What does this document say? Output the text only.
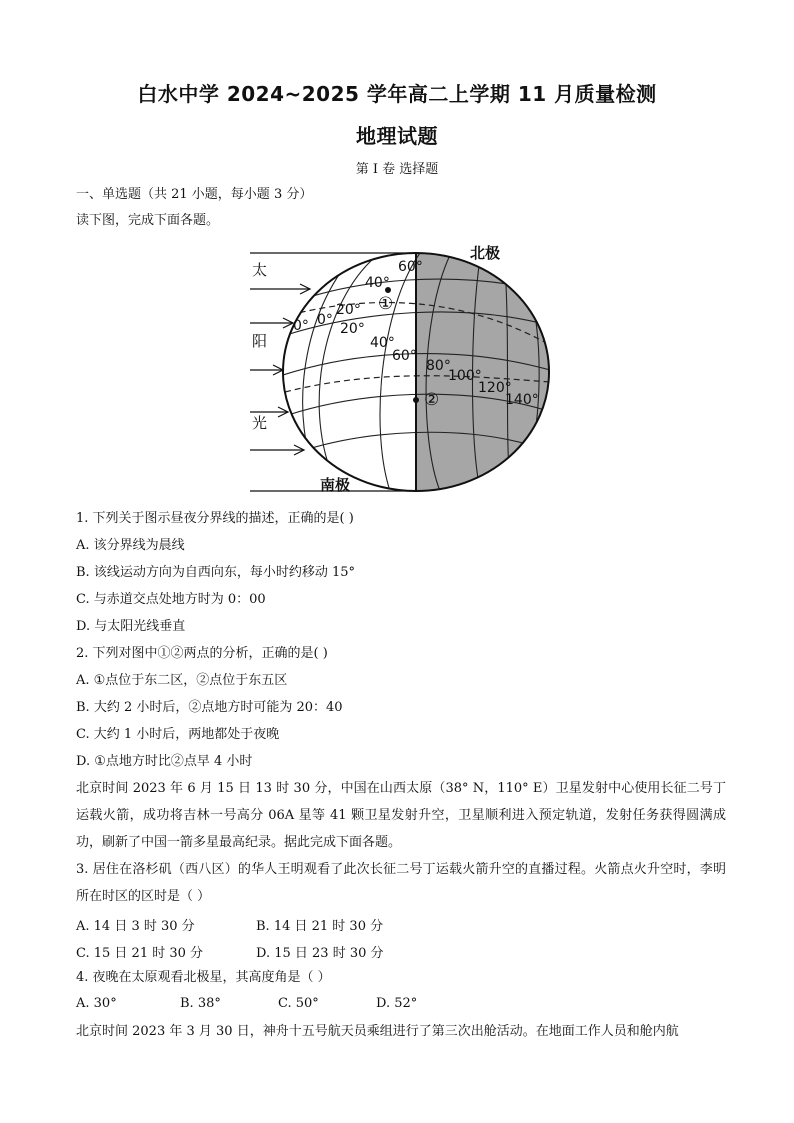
白水中学 2024~2025 学年高二上学期 11 月质量检测
地理试题
第 I 卷 选择题
一、单选题（共 21 小题，每小题 3 分）
读下图，完成下面各题。
太
阳
光
北极
南极
60°
40°
20°
0° 0°
20°
40°
60°
80°
100°
120°
140°
①
②
1. 下列关于图示昼夜分界线的描述，正确的是( )
A. 该分界线为晨线
B. 该线运动方向为自西向东，每小时约移动 15°
C. 与赤道交点处地方时为 0：00
D. 与太阳光线垂直
2. 下列对图中①②两点的分析，正确的是( )
A. ①点位于东二区，②点位于东五区
B. 大约 2 小时后，②点地方时可能为 20：40
C. 大约 1 小时后，两地都处于夜晚
D. ①点地方时比②点早 4 小时
北京时间 2023 年 6 月 15 日 13 时 30 分，中国在山西太原（38° N，110° E）卫星发射中心使用长征二号丁运载火箭，成功将吉林一号高分 06A 星等 41 颗卫星发射升空，卫星顺利进入预定轨道，发射任务获得圆满成功，刷新了中国一箭多星最高纪录。据此完成下面各题。
3. 居住在洛杉矶（西八区）的华人王明观看了此次长征二号丁运载火箭升空的直播过程。火箭点火升空时，李明所在时区的区时是（ ）
A. 14 日 3 时 30 分	B. 14 日 21 时 30 分
C. 15 日 21 时 30 分	D. 15 日 23 时 30 分
4. 夜晚在太原观看北极星，其高度角是（ ）
A. 30°	B. 38°	C. 50°	D. 52°
北京时间 2023 年 3 月 30 日，神舟十五号航天员乘组进行了第三次出舱活动。在地面工作人员和舱内航
